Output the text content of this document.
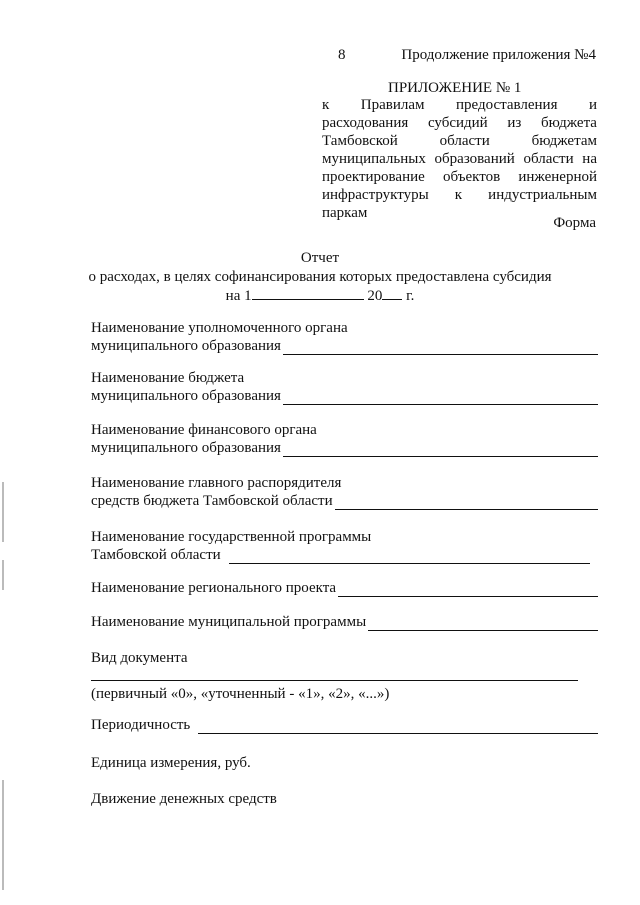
8	Продолжение приложения №4
ПРИЛОЖЕНИЕ № 1
к Правилам предоставления и
расходования субсидий из бюджета
Тамбовской	области	бюджетам
муниципальных образований области на
проектирование объектов инженерной
инфраструктуры к индустриальным
паркам
Форма
Отчет
о расходах, в целях софинансирования которых предоставлена субсидия
на 1	20 г.
Наименование уполномоченного органа
муниципального образования
Наименование бюджета
муниципального образования
Наименование финансового органа
муниципального образования
Наименование главного распорядителя
средств бюджета Тамбовской области
Наименование государственной программы
Тамбовской области
Наименование регионального проекта
Наименование муниципальной программы
Вид документа
(первичный «0», «уточненный - «1», «2», «...»)
Периодичность
Единица измерения, руб.
Движение денежных средств
